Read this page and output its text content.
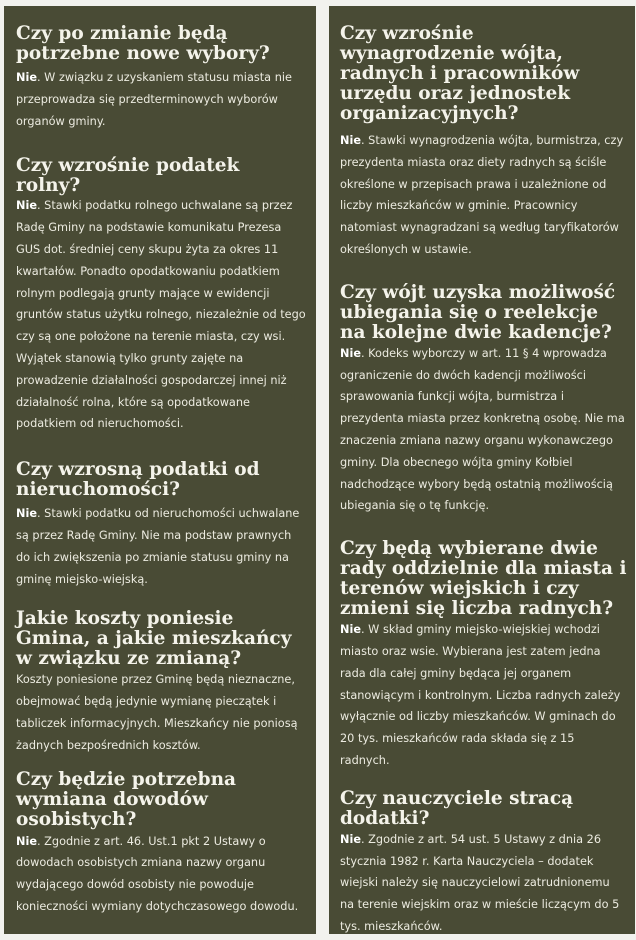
Czy po zmianie będą potrzebne nowe wybory?

Nie. W związku z uzyskaniem statusu miasta nie przeprowadza się przedterminowych wyborów organów gminy.

Czy wzrośnie podatek rolny?

Nie. Stawki podatku rolnego uchwalane są przez Radę Gminy na podstawie komunikatu Prezesa GUS dot. średniej ceny skupu żyta za okres 11 kwartałów. Ponadto opodatkowaniu podatkiem rolnym podlegają grunty mające w ewidencji gruntów status użytku rolnego, niezależnie od tego czy są one położone na terenie miasta, czy wsi. Wyjątek stanowią tylko grunty zajęte na prowadzenie działalności gospodarczej innej niż działalność rolna, które są opodatkowane podatkiem od nieruchomości.

Czy wzrosną podatki od nieruchomości?

Nie. Stawki podatku od nieruchomości uchwalane są przez Radę Gminy. Nie ma podstaw prawnych do ich zwiększenia po zmianie statusu gminy na gminę miejsko-wiejską.

Jakie koszty poniesie Gmina, a jakie mieszkańcy w związku ze zmianą?

Koszty poniesione przez Gminę będą nieznaczne, obejmować będą jedynie wymianę pieczątek i tabliczek informacyjnych. Mieszkańcy nie poniosą żadnych bezpośrednich kosztów.

Czy będzie potrzebna wymiana dowodów osobistych?

Nie. Zgodnie z art. 46. Ust.1 pkt 2 Ustawy o dowodach osobistych zmiana nazwy organu wydającego dowód osobisty nie powoduje konieczności wymiany dotychczasowego dowodu.

Czy wzrośnie wynagrodzenie wójta, radnych i pracowników urzędu oraz jednostek organizacyjnych?

Nie. Stawki wynagrodzenia wójta, burmistrza, czy prezydenta miasta oraz diety radnych są ściśle określone w przepisach prawa i uzależnione od liczby mieszkańców w gminie. Pracownicy natomiast wynagradzani są według taryfikatorów określonych w ustawie.

Czy wójt uzyska możliwość ubiegania się o reelekcje na kolejne dwie kadencje?

Nie. Kodeks wyborczy w art. 11 § 4 wprowadza ograniczenie do dwóch kadencji możliwości sprawowania funkcji wójta, burmistrza i prezydenta miasta przez konkretną osobę. Nie ma znaczenia zmiana nazwy organu wykonawczego gminy. Dla obecnego wójta gminy Kołbiel nadchodzące wybory będą ostatnią możliwością ubiegania się o tę funkcję.

Czy będą wybierane dwie rady oddzielnie dla miasta i terenów wiejskich i czy zmieni się liczba radnych?

Nie. W skład gminy miejsko-wiejskiej wchodzi miasto oraz wsie. Wybierana jest zatem jedna rada dla całej gminy będąca jej organem stanowiącym i kontrolnym. Liczba radnych zależy wyłącznie od liczby mieszkańców. W gminach do 20 tys. mieszkańców rada składa się z 15 radnych.

Czy nauczyciele stracą dodatki?

Nie. Zgodnie z art. 54 ust. 5 Ustawy z dnia 26 stycznia 1982 r. Karta Nauczyciela – dodatek wiejski należy się nauczycielowi zatrudnionemu na terenie wiejskim oraz w mieście liczącym do 5 tys. mieszkańców.
